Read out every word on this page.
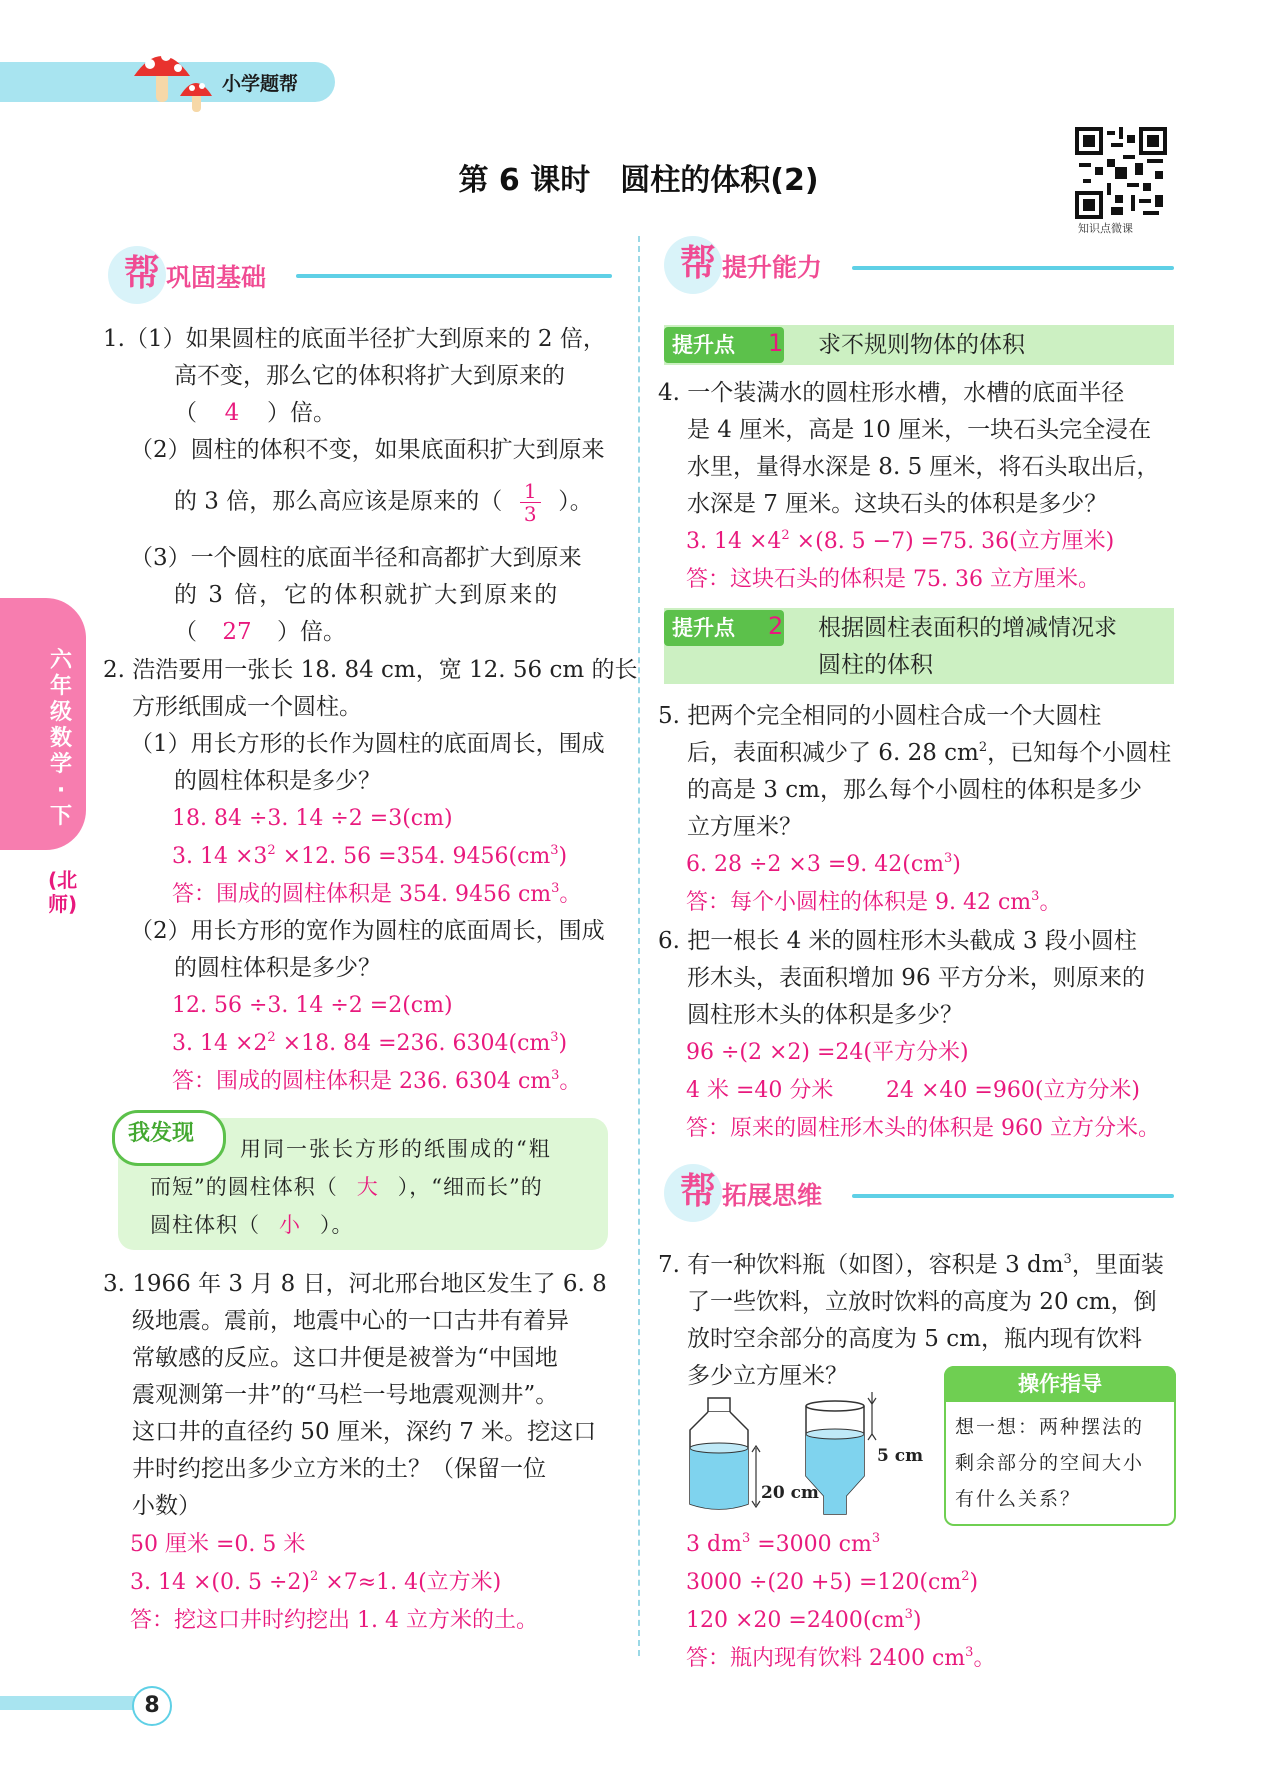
小学题帮
第 6 课时　圆柱的体积(2)
知识点微课
六年级数学·下
(北师)
帮 巩固基础
1.（1）如果圆柱的底面半径扩大到原来的 2 倍，
高不变，那么它的体积将扩大到原来的
（ 4 ）倍。
（2）圆柱的体积不变，如果底面积扩大到原来
的 3 倍，那么高应该是原来的（ $\frac{1}{3}$ ）。
（3）一个圆柱的底面半径和高都扩大到原来
的 3 倍，它的体积就扩大到原来的
（ 27 ）倍。
2. 浩浩要用一张长 18. 84 cm，宽 12. 56 cm 的长
方形纸围成一个圆柱。
（1）用长方形的长作为圆柱的底面周长，围成
的圆柱体积是多少？
18. 84 ÷3. 14 ÷2 =3(cm)
3. $14 \times 3^2 \times 12$. 56 =354. $9456(cm^3)$
答：围成的圆柱体积是 354. 9456 $cm^3$。
（2）用长方形的宽作为圆柱的底面周长，围成
的圆柱体积是多少？
12. 56 ÷3. 14 ÷2 =2(cm)
3. $14 \times 2^2 \times 18$. 84 =236. $6304(cm^3)$
答：围成的圆柱体积是 236. 6304 $cm^3$。
我发现
用同一张长方形的纸围成的“粗
而短”的圆柱体积（ 大 ），“细而长”的
圆柱体积（ 小 ）。
3. 1966 年 3 月 8 日，河北邢台地区发生了 6. 8
级地震。震前，地震中心的一口古井有着异
常敏感的反应。这口井便是被誉为“中国地
震观测第一井”的“马栏一号地震观测井”。
这口井的直径约 50 厘米，深约 7 米。挖这口
井时约挖出多少立方米的土？（保留一位
小数）
50 厘米 =0. 5 米
3. 14 ×(0. 5 ÷2)$^2$ ×7≈1. 4(立方米)
答：挖这口井时约挖出 1. 4 立方米的土。
帮 提升能力
提升点	1 求不规则物体的体积
4. 一个装满水的圆柱形水槽，水槽的底面半径
是 4 厘米，高是 10 厘米，一块石头完全浸在
水里，量得水深是 8. 5 厘米，将石头取出后，
水深是 7 厘米。这块石头的体积是多少？
3. $14 \times 4^2 \times(8$. 5 −7) =75. 36(立方厘米)
答：这块石头的体积是 75. 36 立方厘米。
提升点	2 根据圆柱表面积的增减情况求
圆柱的体积
5. 把两个完全相同的小圆柱合成一个大圆柱
后，表面积减少了 6. 28 $cm^2$，已知每个小圆柱
的高是 3 cm，那么每个小圆柱的体积是多少
立方厘米？
6. 28 ÷2 ×3 =9. $42(cm^3)$
答：每个小圆柱的体积是 9. 42 $cm^3$。
6. 把一根长 4 米的圆柱形木头截成 3 段小圆柱
形木头，表面积增加 96 平方分米，则原来的
圆柱形木头的体积是多少？
96 ÷(2 ×2) =24(平方分米)
4 米 =40 分米 24 ×40 =960(立方分米)
答：原来的圆柱形木头的体积是 960 立方分米。
帮 拓展思维
7. 有一种饮料瓶（如图），容积是 3 $dm^3$，里面装
了一些饮料，立放时饮料的高度为 20 cm，倒
放时空余部分的高度为 5 cm，瓶内现有饮料
多少立方厘米？
20 cm
5 cm
操作指导
想一想：两种摆法的
剩余部分的空间大小
有什么关系？
3 $dm^3 =3000$ $cm^3$
$3000 \div(20 +5) =120(cm^2)$
$120 \times 20 =2400(cm^3)$
答：瓶内现有饮料 2400 $cm^3$。
8
